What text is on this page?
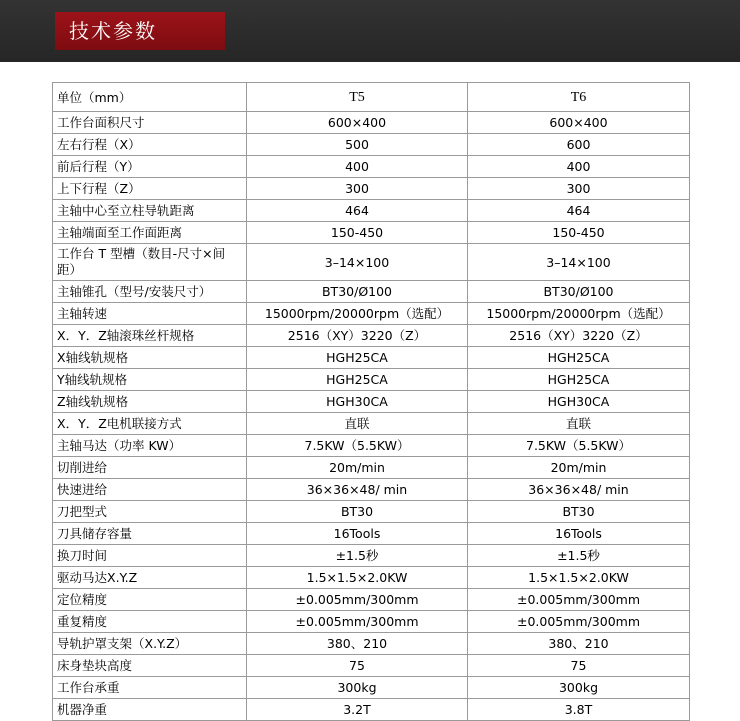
技术参数
单位（mm）	T5	T6
工作台面积尺寸	600×400	600×400
左右行程（X）	500	600
前后行程（Y）	400	400
上下行程（Z）	300	300
主轴中心至立柱导轨距离	464	464
主轴端面至工作面距离	150-450	150-450
工作台 T 型槽（数目-尺寸×间距）	3–14×100	3–14×100
主轴锥孔（型号/安装尺寸）	BT30/Ø100	BT30/Ø100
主轴转速	15000rpm/20000rpm（选配）	15000rpm/20000rpm（选配）
X．Y．Z轴滚珠丝杆规格	2516（XY）3220（Z）	2516（XY）3220（Z）
X轴线轨规格	HGH25CA	HGH25CA
Y轴线轨规格	HGH25CA	HGH25CA
Z轴线轨规格	HGH30CA	HGH30CA
X．Y．Z电机联接方式	直联	直联
主轴马达（功率 KW）	7.5KW（5.5KW）	7.5KW（5.5KW）
切削进给	20m/min	20m/min
快速进给	36×36×48/ min	36×36×48/ min
刀把型式	BT30	BT30
刀具储存容量	16Tools	16Tools
换刀时间	±1.5秒	±1.5秒
驱动马达X.Y.Z	1.5×1.5×2.0KW	1.5×1.5×2.0KW
定位精度	±0.005mm/300mm	±0.005mm/300mm
重复精度	±0.005mm/300mm	±0.005mm/300mm
导轨护罩支架（X.Y.Z）	380、210	380、210
床身垫块高度	75	75
工作台承重	300kg	300kg
机器净重	3.2T	3.8T
